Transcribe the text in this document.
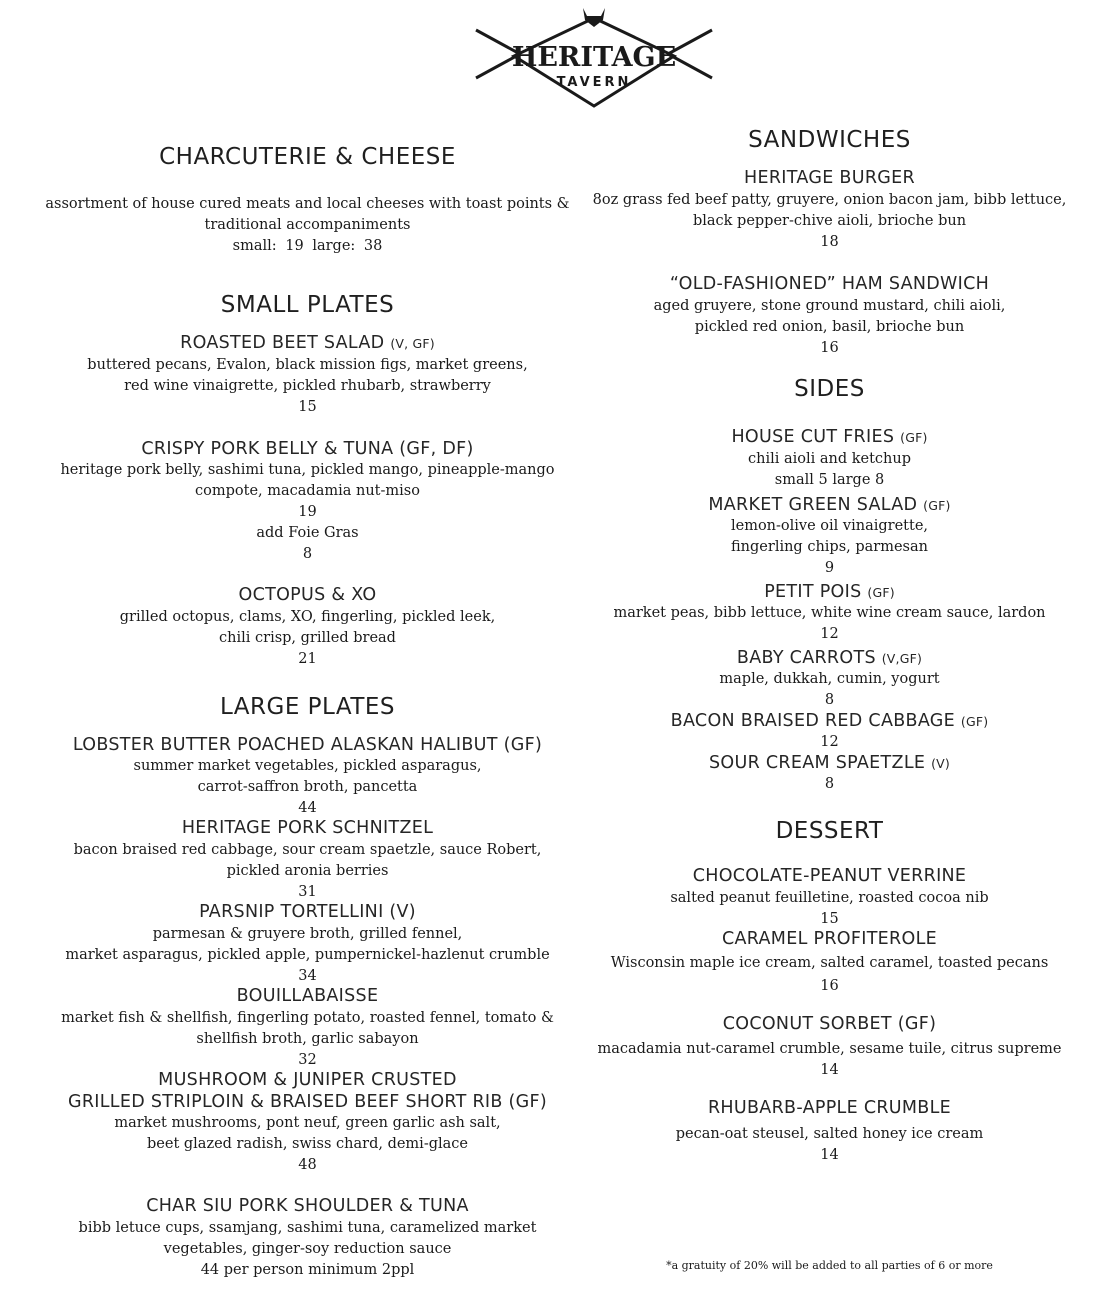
HERITAGE
TAVERN
CHARCUTERIE & CHEESE
assortment of house cured meats and local cheeses with toast points &
traditional accompaniments
small: 19 large: 38
SMALL PLATES
ROASTED BEET SALAD (V, GF)
buttered pecans, Evalon, black mission figs, market greens,
red wine vinaigrette, pickled rhubarb, strawberry
15
CRISPY PORK BELLY & TUNA (GF, DF)
heritage pork belly, sashimi tuna, pickled mango, pineapple-mango
compote, macadamia nut-miso
19
add Foie Gras
8
OCTOPUS & XO
grilled octopus, clams, XO, fingerling, pickled leek,
chili crisp, grilled bread
21
LARGE PLATES
LOBSTER BUTTER POACHED ALASKAN HALIBUT (GF)
summer market vegetables, pickled asparagus,
carrot-saffron broth, pancetta
44
HERITAGE PORK SCHNITZEL
bacon braised red cabbage, sour cream spaetzle, sauce Robert,
pickled aronia berries
31
PARSNIP TORTELLINI (V)
parmesan & gruyere broth, grilled fennel,
market asparagus, pickled apple, pumpernickel-hazlenut crumble
34
BOUILLABAISSE
market fish & shellfish, fingerling potato, roasted fennel, tomato &
shellfish broth, garlic sabayon
32
MUSHROOM & JUNIPER CRUSTED
GRILLED STRIPLOIN & BRAISED BEEF SHORT RIB (GF)
market mushrooms, pont neuf, green garlic ash salt,
beet glazed radish, swiss chard, demi-glace
48
CHAR SIU PORK SHOULDER & TUNA
bibb letuce cups, ssamjang, sashimi tuna, caramelized market
vegetables, ginger-soy reduction sauce
44 per person minimum 2ppl
SANDWICHES
HERITAGE BURGER
8oz grass fed beef patty, gruyere, onion bacon jam, bibb lettuce,
black pepper-chive aioli, brioche bun
18
“OLD-FASHIONED” HAM SANDWICH
aged gruyere, stone ground mustard, chili aioli,
pickled red onion, basil, brioche bun
16
SIDES
HOUSE CUT FRIES (GF)
chili aioli and ketchup
small 5 large 8
MARKET GREEN SALAD (GF)
lemon-olive oil vinaigrette,
fingerling chips, parmesan
9
PETIT POIS (GF)
market peas, bibb lettuce, white wine cream sauce, lardon
12
BABY CARROTS (V,GF)
maple, dukkah, cumin, yogurt
8
BACON BRAISED RED CABBAGE (GF)
12
SOUR CREAM SPAETZLE (V)
8
DESSERT
CHOCOLATE-PEANUT VERRINE
salted peanut feuilletine, roasted cocoa nib
15
CARAMEL PROFITEROLE
Wisconsin maple ice cream, salted caramel, toasted pecans
16
COCONUT SORBET (GF)
macadamia nut-caramel crumble, sesame tuile, citrus supreme
14
RHUBARB-APPLE CRUMBLE
pecan-oat steusel, salted honey ice cream
14
*a gratuity of 20% will be added to all parties of 6 or more
